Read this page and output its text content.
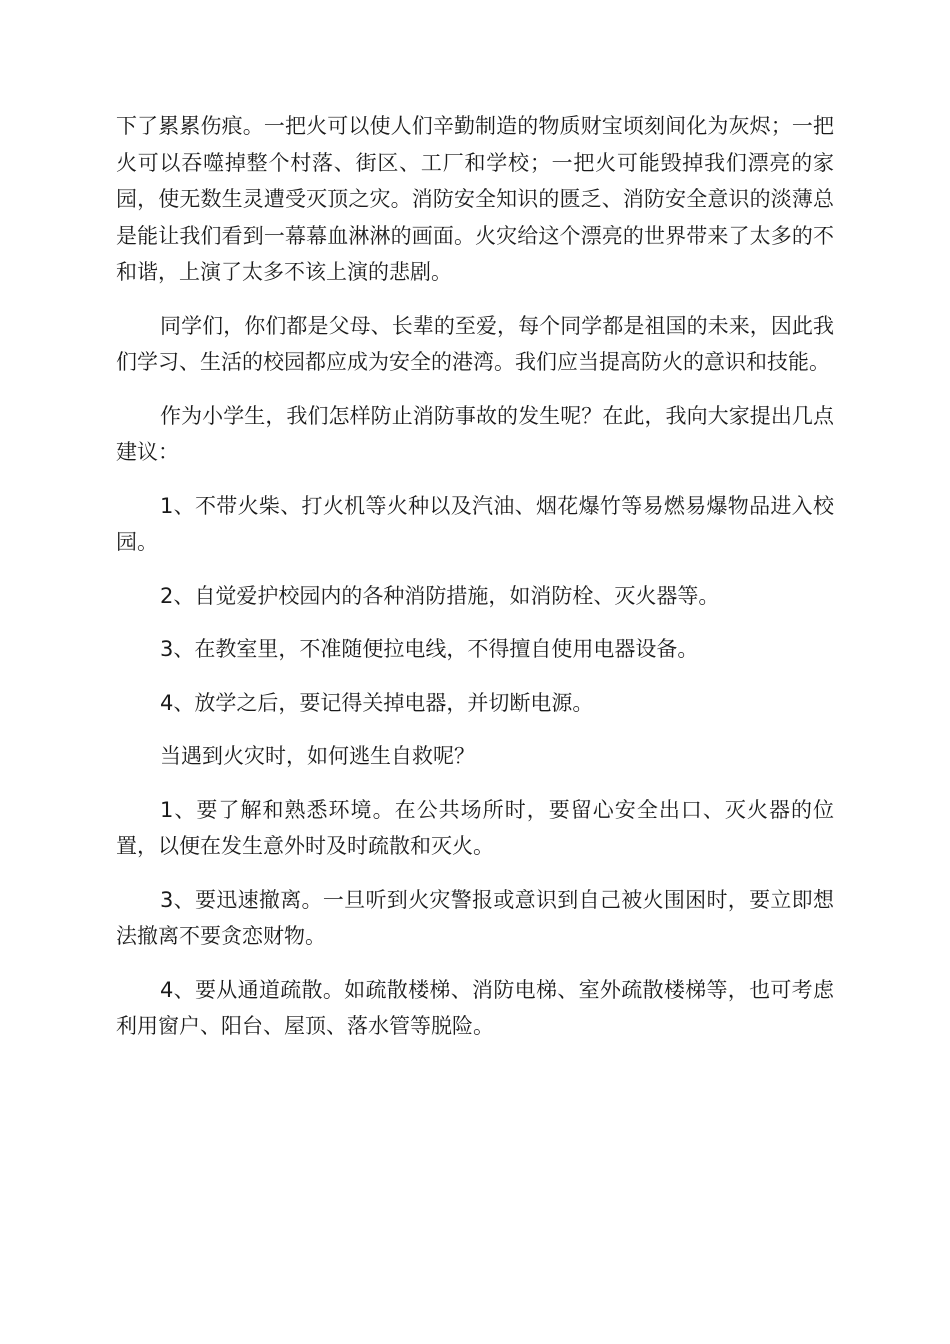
下了累累伤痕。一把火可以使人们辛勤制造的物质财宝顷刻间化为灰烬；一把火可以吞噬掉整个村落、街区、工厂和学校；一把火可能毁掉我们漂亮的家园，使无数生灵遭受灭顶之灾。消防安全知识的匮乏、消防安全意识的淡薄总是能让我们看到一幕幕血淋淋的画面。火灾给这个漂亮的世界带来了太多的不和谐，上演了太多不该上演的悲剧。

同学们，你们都是父母、长辈的至爱，每个同学都是祖国的未来，因此我们学习、生活的校园都应成为安全的港湾。我们应当提高防火的意识和技能。

作为小学生，我们怎样防止消防事故的发生呢？在此，我向大家提出几点建议：

1、不带火柴、打火机等火种以及汽油、烟花爆竹等易燃易爆物品进入校园。

2、自觉爱护校园内的各种消防措施，如消防栓、灭火器等。

3、在教室里，不准随便拉电线，不得擅自使用电器设备。

4、放学之后，要记得关掉电器，并切断电源。

当遇到火灾时，如何逃生自救呢？

1、要了解和熟悉环境。在公共场所时，要留心安全出口、灭火器的位置，以便在发生意外时及时疏散和灭火。

3、要迅速撤离。一旦听到火灾警报或意识到自己被火围困时，要立即想法撤离不要贪恋财物。

4、要从通道疏散。如疏散楼梯、消防电梯、室外疏散楼梯等，也可考虑利用窗户、阳台、屋顶、落水管等脱险。
